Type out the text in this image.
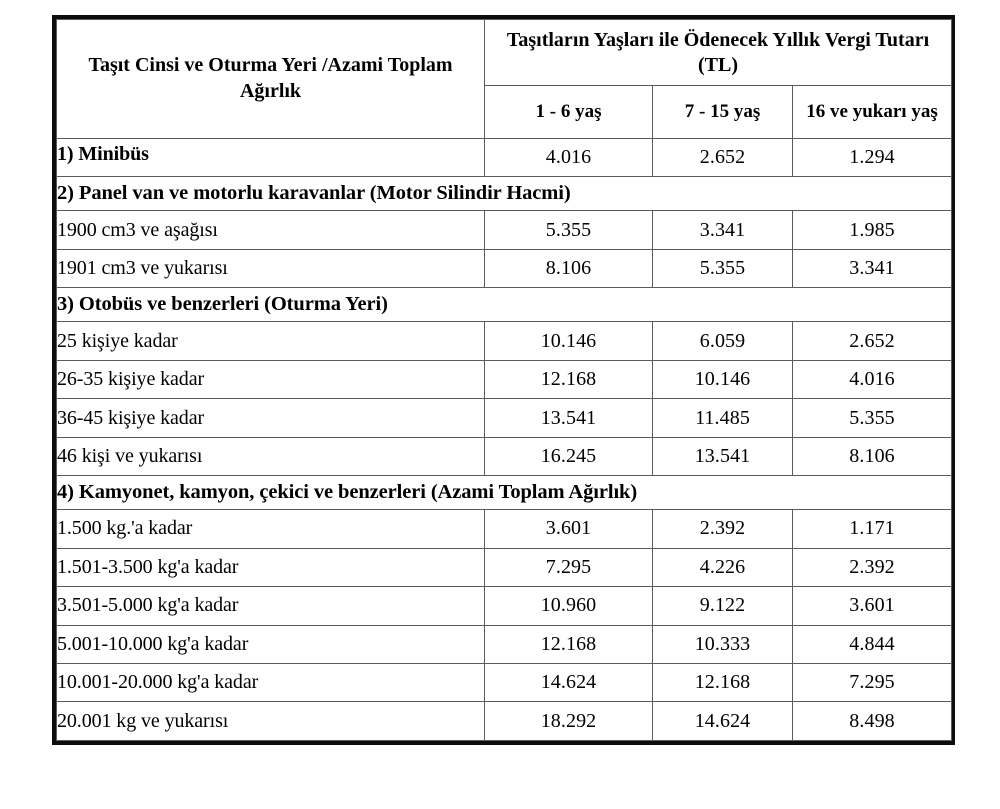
Taşıt Cinsi ve Oturma Yeri /Azami Toplam Ağırlık	Taşıtların Yaşları ile Ödenecek Yıllık Vergi Tutarı (TL)		
	1 - 6 yaş	7 - 15 yaş	16 ve yukarı yaş
1) Minibüs	4.016	2.652	1.294
2) Panel van ve motorlu karavanlar (Motor Silindir Hacmi)			
1900 cm3 ve aşağısı	5.355	3.341	1.985
1901 cm3 ve yukarısı	8.106	5.355	3.341
3) Otobüs ve benzerleri (Oturma Yeri)			
25 kişiye kadar	10.146	6.059	2.652
26-35 kişiye kadar	12.168	10.146	4.016
36-45 kişiye kadar	13.541	11.485	5.355
46 kişi ve yukarısı	16.245	13.541	8.106
4) Kamyonet, kamyon, çekici ve benzerleri (Azami Toplam Ağırlık)			
1.500 kg.'a kadar	3.601	2.392	1.171
1.501-3.500 kg'a kadar	7.295	4.226	2.392
3.501-5.000 kg'a kadar	10.960	9.122	3.601
5.001-10.000 kg'a kadar	12.168	10.333	4.844
10.001-20.000 kg'a kadar	14.624	12.168	7.295
20.001 kg ve yukarısı	18.292	14.624	8.498
